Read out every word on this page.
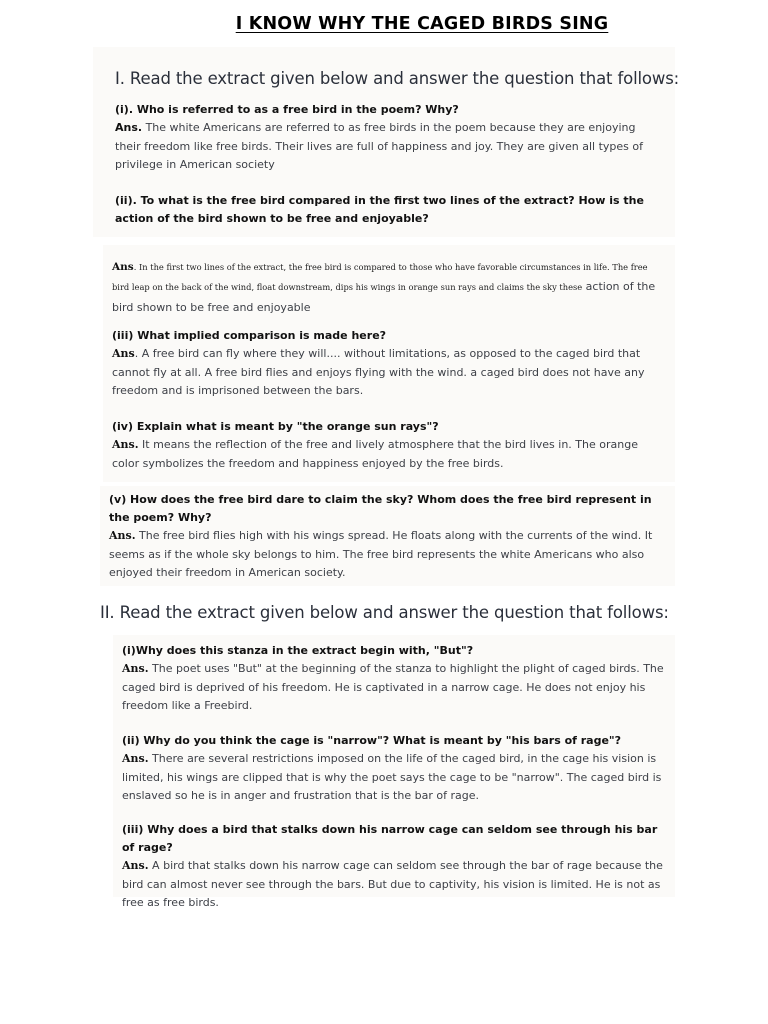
I KNOW WHY THE CAGED BIRDS SING
I. Read the extract given below and answer the question that follows:
(i). Who is referred to as a free bird in the poem? Why?
Ans. The white Americans are referred to as free birds in the poem because they are enjoying their freedom like free birds. Their lives are full of happiness and joy. They are given all types of privilege in American society
(ii). To what is the free bird compared in the first two lines of the extract? How is the action of the bird shown to be free and enjoyable?
Ans. In the first two lines of the extract, the free bird is compared to those who have favorable circumstances in life. The free bird leap on the back of the wind, float downstream, dips his wings in orange sun rays and claims the sky these action of the bird shown to be free and enjoyable
(iii) What implied comparison is made here?
Ans. A free bird can fly where they will.... without limitations, as opposed to the caged bird that cannot fly at all. A free bird flies and enjoys flying with the wind. a caged bird does not have any freedom and is imprisoned between the bars.
(iv) Explain what is meant by "the orange sun rays"?
Ans. It means the reflection of the free and lively atmosphere that the bird lives in. The orange color symbolizes the freedom and happiness enjoyed by the free birds.
(v) How does the free bird dare to claim the sky? Whom does the free bird represent in the poem? Why?
Ans. The free bird flies high with his wings spread. He floats along with the currents of the wind. It seems as if the whole sky belongs to him. The free bird represents the white Americans who also enjoyed their freedom in American society.
II. Read the extract given below and answer the question that follows:
(i)Why does this stanza in the extract begin with, "But"?
Ans. The poet uses "But" at the beginning of the stanza to highlight the plight of caged birds. The caged bird is deprived of his freedom. He is captivated in a narrow cage. He does not enjoy his freedom like a Freebird.
(ii) Why do you think the cage is "narrow"? What is meant by "his bars of rage"?
Ans. There are several restrictions imposed on the life of the caged bird, in the cage his vision is limited, his wings are clipped that is why the poet says the cage to be "narrow". The caged bird is enslaved so he is in anger and frustration that is the bar of rage.
(iii) Why does a bird that stalks down his narrow cage can seldom see through his bar of rage?
Ans. A bird that stalks down his narrow cage can seldom see through the bar of rage because the bird can almost never see through the bars. But due to captivity, his vision is limited. He is not as free as free birds.
